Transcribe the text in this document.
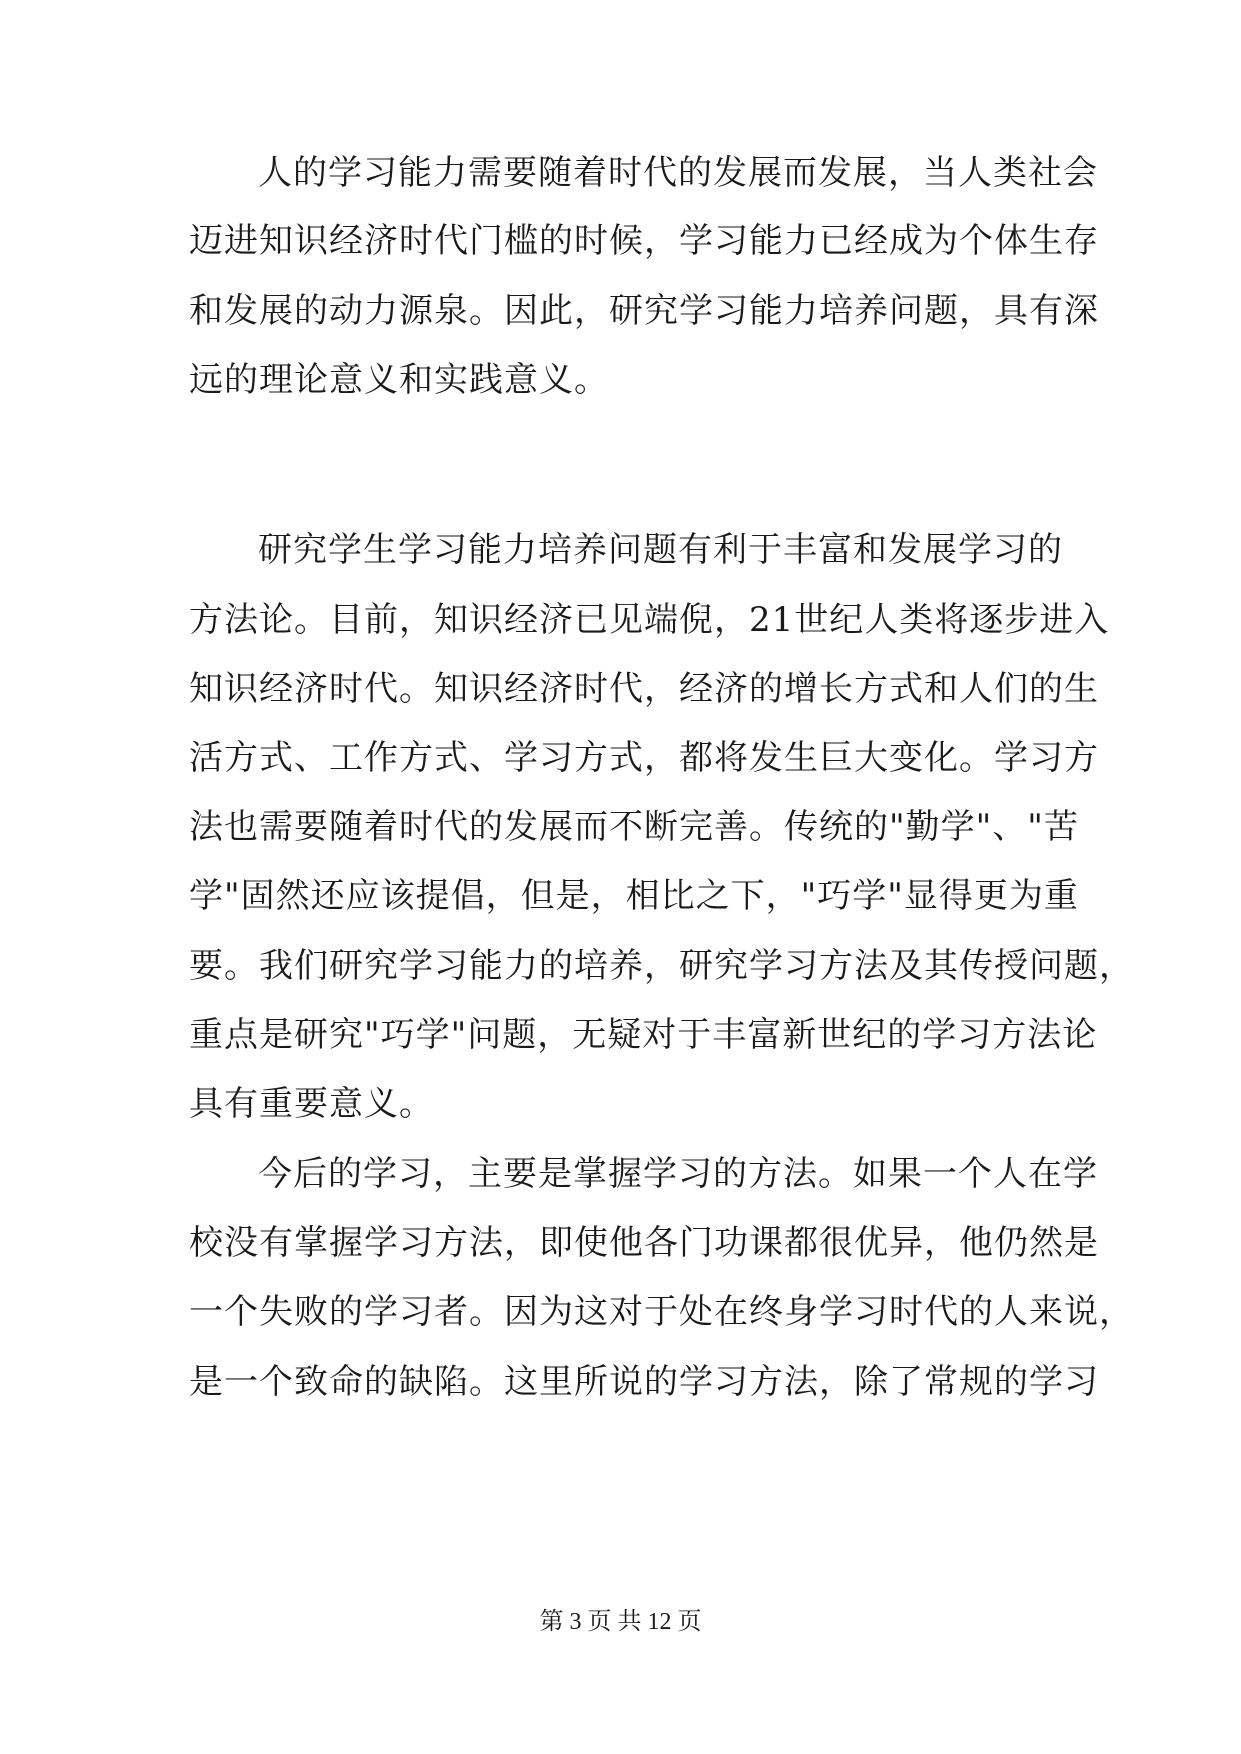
人的学习能力需要随着时代的发展而发展，当人类社会
迈进知识经济时代门槛的时候，学习能力已经成为个体生存
和发展的动力源泉。因此，研究学习能力培养问题，具有深
远的理论意义和实践意义。
研究学生学习能力培养问题有利于丰富和发展学习的
方法论。目前，知识经济已见端倪，21世纪人类将逐步进入
知识经济时代。知识经济时代，经济的增长方式和人们的生
活方式、工作方式、学习方式，都将发生巨大变化。学习方
法也需要随着时代的发展而不断完善。传统的"勤学"、"苦
学"固然还应该提倡，但是，相比之下，"巧学"显得更为重
要。我们研究学习能力的培养，研究学习方法及其传授问题，
重点是研究"巧学"问题，无疑对于丰富新世纪的学习方法论
具有重要意义。
今后的学习，主要是掌握学习的方法。如果一个人在学
校没有掌握学习方法，即使他各门功课都很优异，他仍然是
一个失败的学习者。因为这对于处在终身学习时代的人来说，
是一个致命的缺陷。这里所说的学习方法，除了常规的学习
第 3 页 共 12 页
